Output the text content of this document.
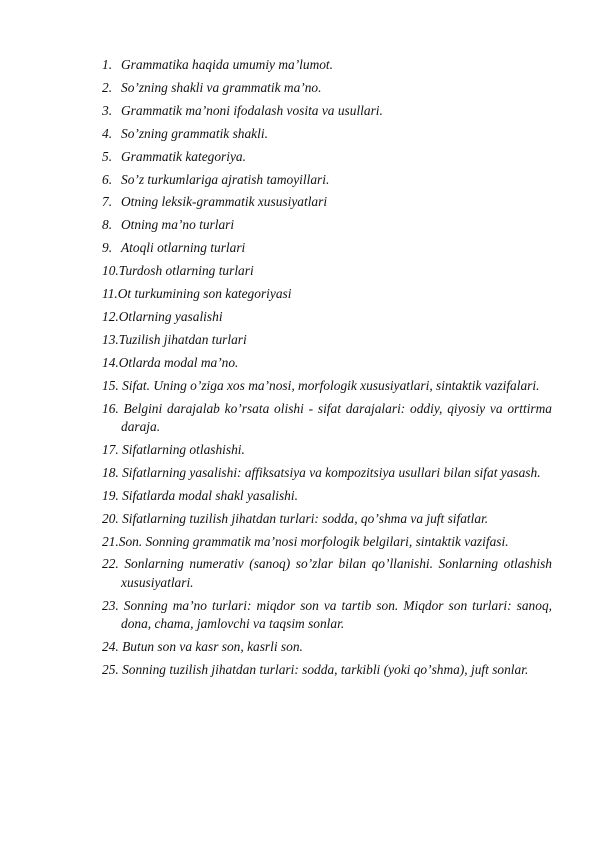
1. Grammatika haqida umumiy maʼlumot.
2. Soʼzning shakli va grammatik maʼno.
3. Grammatik maʼnoni ifodalash vosita va usullari.
4. Soʼzning grammatik shakli.
5. Grammatik kategoriya.
6. Soʼz turkumlariga ajratish tamoyillari.
7. Otning leksik-grammatik xususiyatlari
8. Otning maʼno turlari
9. Atoqli otlarning turlari
10.Turdosh otlarning turlari
11.Ot turkumining son kategoriyasi
12.Otlarning yasalishi
13.Tuzilish jihatdan turlari
14.Otlarda modal maʼno.
15. Sifat. Uning oʼziga xos maʼnosi, morfologik xususiyatlari, sintaktik vazifalari.
16. Belgini darajalab koʼrsata olishi - sifat darajalari: oddiy, qiyosiy va orttirma daraja.
17. Sifatlarning otlashishi.
18. Sifatlarning yasalishi: affiksatsiya va kompozitsiya usullari bilan sifat yasash.
19. Sifatlarda modal shakl yasalishi.
20. Sifatlarning tuzilish jihatdan turlari: sodda, qoʼshma va juft sifatlar.
21.Son. Sonning grammatik maʼnosi morfologik belgilari, sintaktik vazifasi.
22. Sonlarning numerativ (sanoq) soʼzlar bilan qoʼllanishi. Sonlarning otlashish xususiyatlari.
23. Sonning maʼno turlari: miqdor son va tartib son. Miqdor son turlari: sanoq, dona, chama, jamlovchi va taqsim sonlar.
24. Butun son va kasr son, kasrli son.
25. Sonning tuzilish jihatdan turlari: sodda, tarkibli (yoki qoʼshma), juft sonlar.
